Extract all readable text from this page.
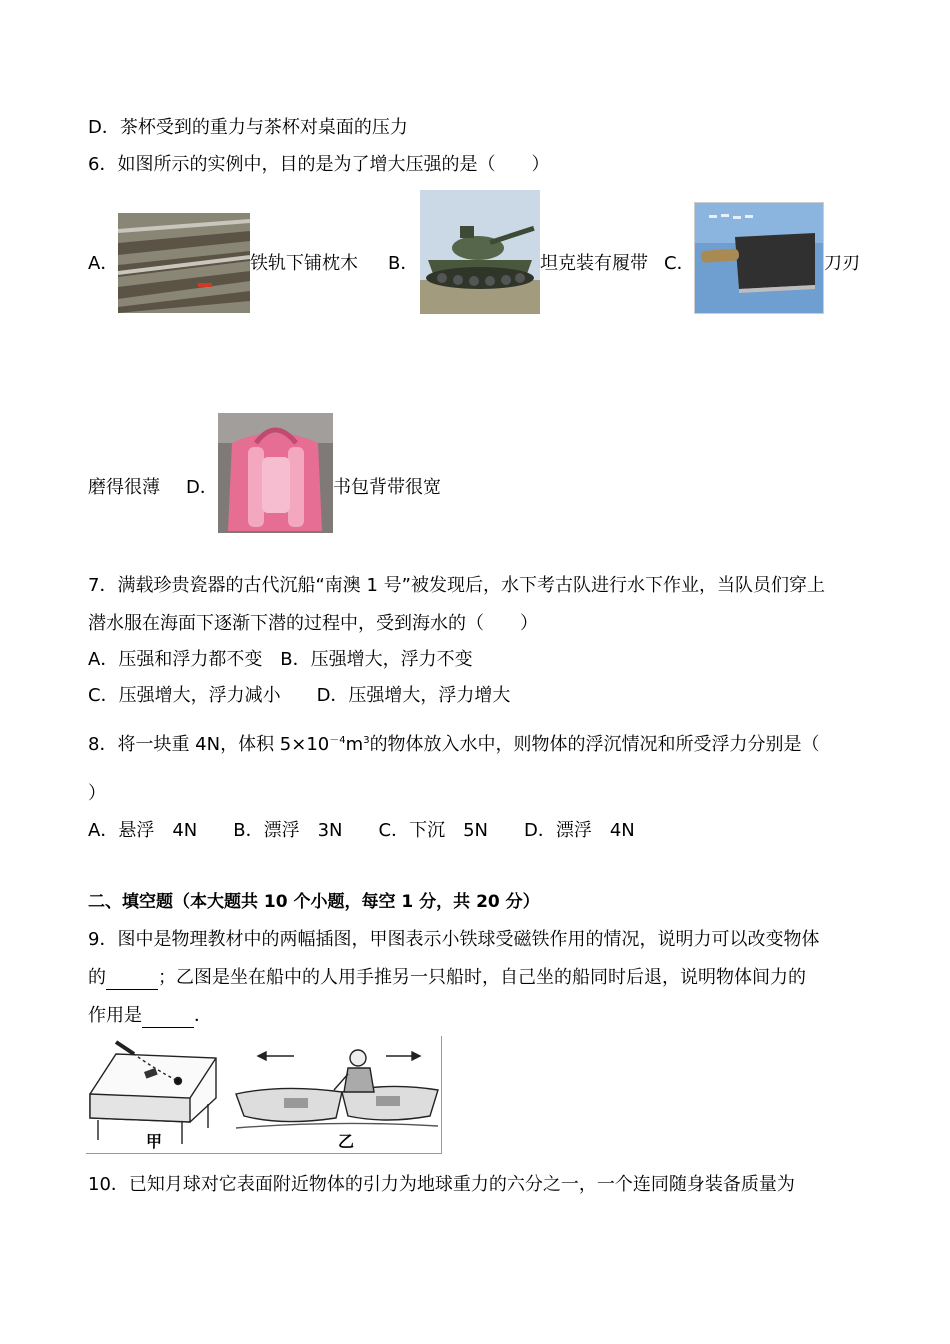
D．茶杯受到的重力与茶杯对桌面的压力
6．如图所示的实例中，目的是为了增大压强的是（　　）
A．	铁轨下铺枕木 B．	坦克装有履带 C．	刀刃
磨得很薄 D．	书包背带很宽
7．满载珍贵瓷器的古代沉船“南澳 1 号”被发现后，水下考古队进行水下作业，当队员们穿上
潜水服在海面下逐渐下潜的过程中，受到海水的（　　）
A．压强和浮力都不变　B．压强增大，浮力不变
C．压强增大，浮力减小　　D．压强增大，浮力增大
8．将一块重 4N，体积 $5\times 10^{-4}m^3$的物体放入水中，则物体的浮沉情况和所受浮力分别是（
）
A．悬浮　4N　　B．漂浮　3N　　C．下沉　5N　　D．漂浮　4N
二、填空题（本大题共 10 个小题，每空 1 分，共 20 分）
9．图中是物理教材中的两幅插图，甲图表示小铁球受磁铁作用的情况，说明力可以改变物体
的	；乙图是坐在船中的人用手推另一只船时，自己坐的船同时后退，说明物体间力的
作用是	．
甲	乙
10．已知月球对它表面附近物体的引力为地球重力的六分之一，一个连同随身装备质量为
